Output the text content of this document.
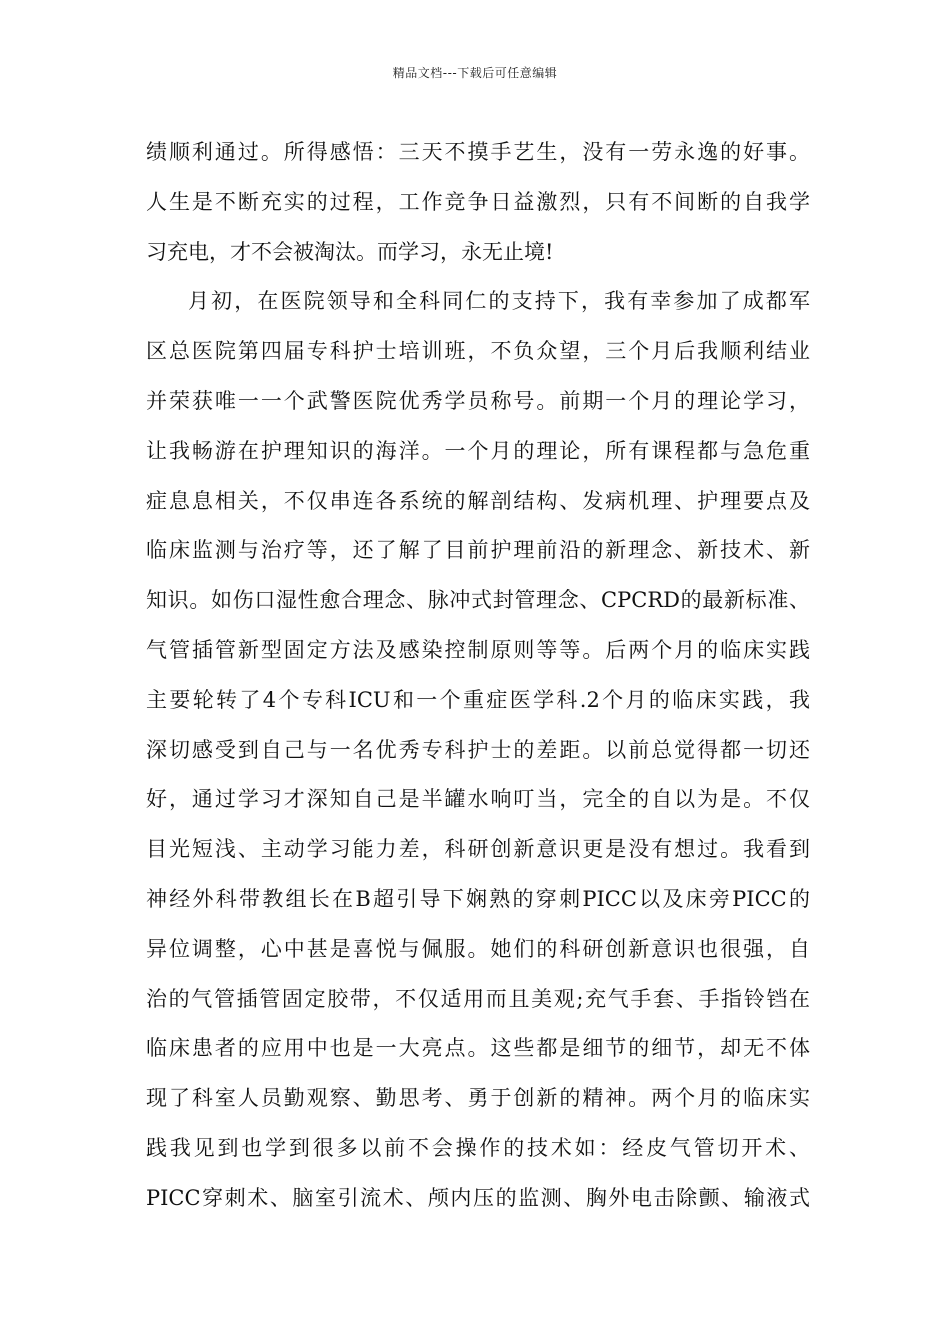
精品文档---下载后可任意编辑
绩顺利通过。所得感悟：三天不摸手艺生，没有一劳永逸的好事。
人生是不断充实的过程，工作竞争日益激烈，只有不间断的自我学
习充电，才不会被淘汰。而学习，永无止境!
月初，在医院领导和全科同仁的支持下，我有幸参加了成都军
区总医院第四届专科护士培训班，不负众望，三个月后我顺利结业
并荣获唯一一个武警医院优秀学员称号。前期一个月的理论学习，
让我畅游在护理知识的海洋。一个月的理论，所有课程都与急危重
症息息相关，不仅串连各系统的解剖结构、发病机理、护理要点及
临床监测与治疗等，还了解了目前护理前沿的新理念、新技术、新
知识。如伤口湿性愈合理念、脉冲式封管理念、CPCRD的最新标准、
气管插管新型固定方法及感染控制原则等等。后两个月的临床实践
主要轮转了4个专科ICU和一个重症医学科.2个月的临床实践，我
深切感受到自己与一名优秀专科护士的差距。以前总觉得都一切还
好，通过学习才深知自己是半罐水响叮当，完全的自以为是。不仅
目光短浅、主动学习能力差，科研创新意识更是没有想过。我看到
神经外科带教组长在B超引导下娴熟的穿刺PICC以及床旁PICC的
异位调整，心中甚是喜悦与佩服。她们的科研创新意识也很强，自
治的气管插管固定胶带，不仅适用而且美观;充气手套、手指铃铛在
临床患者的应用中也是一大亮点。这些都是细节的细节，却无不体
现了科室人员勤观察、勤思考、勇于创新的精神。两个月的临床实
践我见到也学到很多以前不会操作的技术如：经皮气管切开术、
PICC穿刺术、脑室引流术、颅内压的监测、胸外电击除颤、输液式
